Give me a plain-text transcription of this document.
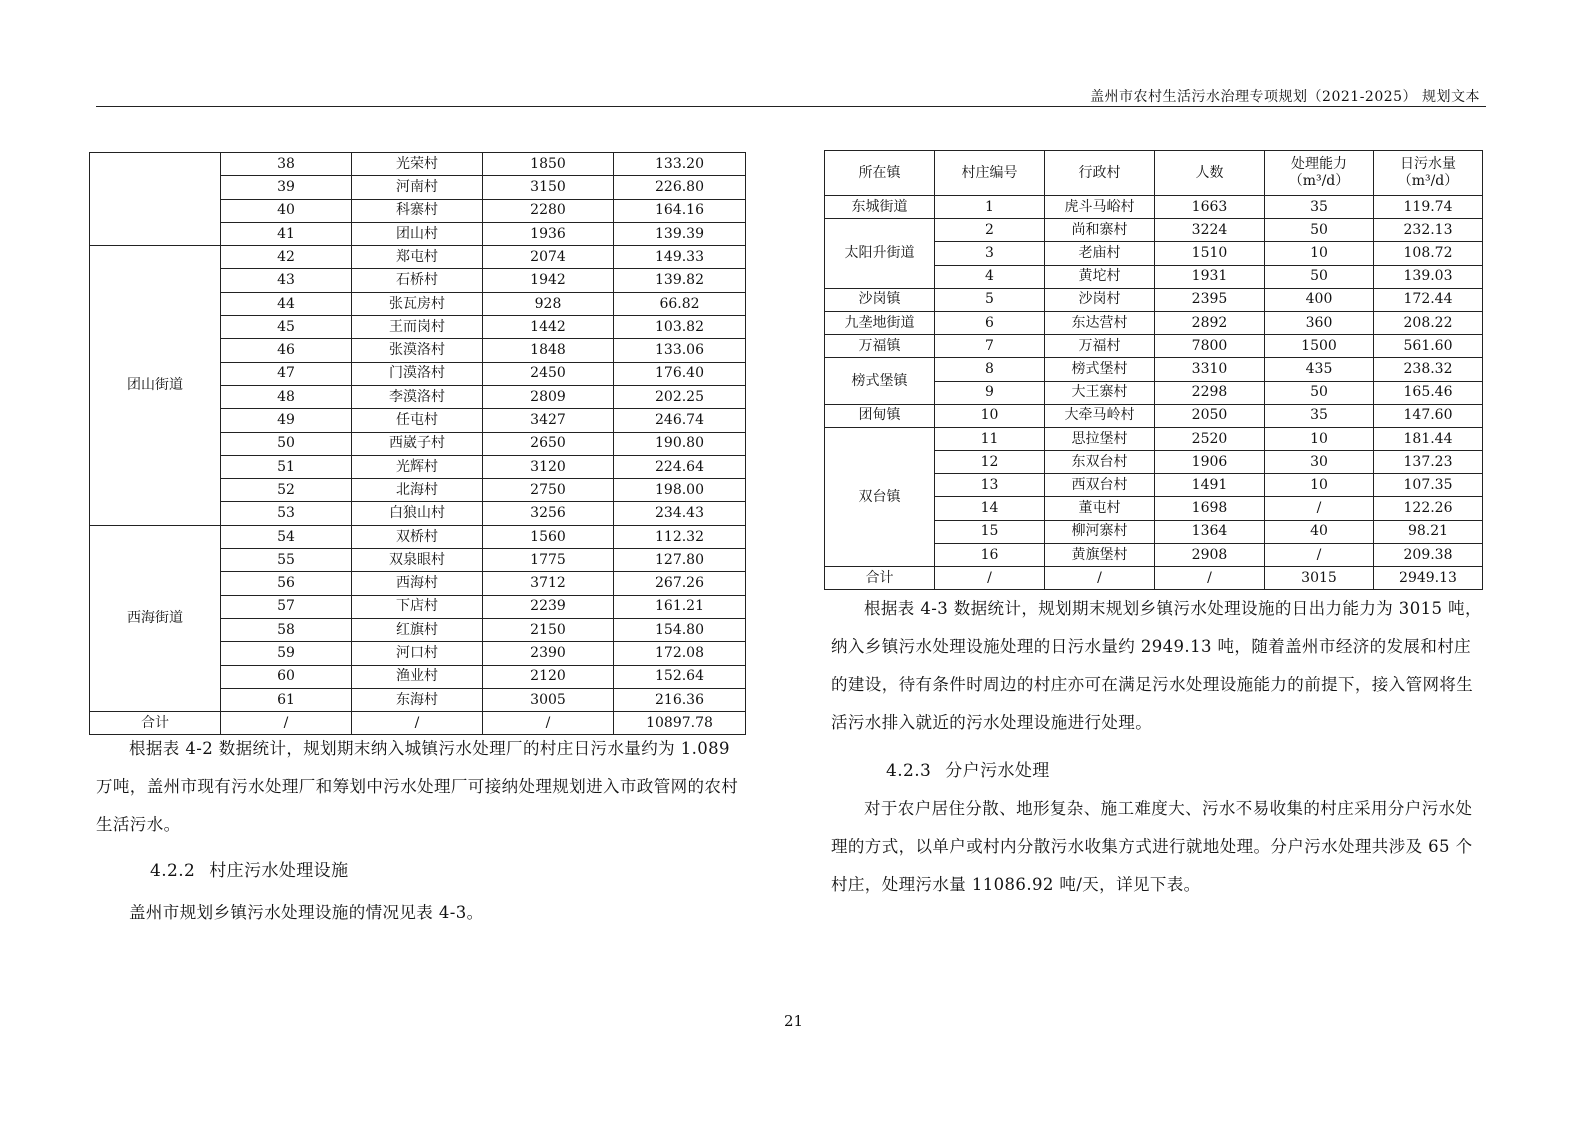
盖州市农村生活污水治理专项规划（2021-2025） 规划文本
	38	光荣村	1850	133.20
	39	河南村	3150	226.80
	40	科寨村	2280	164.16
	41	团山村	1936	139.39
团山街道	42	郑屯村	2074	149.33
	43	石桥村	1942	139.82
	44	张瓦房村	928	66.82
	45	王而岗村	1442	103.82
	46	张漠洛村	1848	133.06
	47	门漠洛村	2450	176.40
	48	李漠洛村	2809	202.25
	49	任屯村	3427	246.74
	50	西崴子村	2650	190.80
	51	光辉村	3120	224.64
	52	北海村	2750	198.00
	53	白狼山村	3256	234.43
西海街道	54	双桥村	1560	112.32
	55	双泉眼村	1775	127.80
	56	西海村	3712	267.26
	57	下店村	2239	161.21
	58	红旗村	2150	154.80
	59	河口村	2390	172.08
	60	渔业村	2120	152.64
	61	东海村	3005	216.36
合计	/	/	/	10897.78

根据表 4-2 数据统计，规划期末纳入城镇污水处理厂的村庄日污水量约为 1.089 万吨，盖州市现有污水处理厂和筹划中污水处理厂可接纳处理规划进入市政管网的农村生活污水。

4.2.2 村庄污水处理设施

盖州市规划乡镇污水处理设施的情况见表 4-3。

所在镇	村庄编号	行政村	人数	处理能力（m³/d）	日污水量（m³/d）
东城街道	1	虎斗马峪村	1663	35	119.74
太阳升街道	2	尚和寨村	3224	50	232.13
	3	老庙村	1510	10	108.72
	4	黄坨村	1931	50	139.03
沙岗镇	5	沙岗村	2395	400	172.44
九垄地街道	6	东达营村	2892	360	208.22
万福镇	7	万福村	7800	1500	561.60
榜式堡镇	8	榜式堡村	3310	435	238.32
	9	大王寨村	2298	50	165.46
团甸镇	10	大牵马岭村	2050	35	147.60
双台镇	11	思拉堡村	2520	10	181.44
	12	东双台村	1906	30	137.23
	13	西双台村	1491	10	107.35
	14	董屯村	1698	/	122.26
	15	柳河寨村	1364	40	98.21
	16	黄旗堡村	2908	/	209.38
合计	/	/	/	3015	2949.13

根据表 4-3 数据统计，规划期末规划乡镇污水处理设施的日出力能力为 3015 吨，纳入乡镇污水处理设施处理的日污水量约 2949.13 吨，随着盖州市经济的发展和村庄的建设，待有条件时周边的村庄亦可在满足污水处理设施能力的前提下，接入管网将生活污水排入就近的污水处理设施进行处理。

4.2.3 分户污水处理

对于农户居住分散、地形复杂、施工难度大、污水不易收集的村庄采用分户污水处理的方式，以单户或村内分散污水收集方式进行就地处理。分户污水处理共涉及 65 个村庄，处理污水量 11086.92 吨/天，详见下表。

21
